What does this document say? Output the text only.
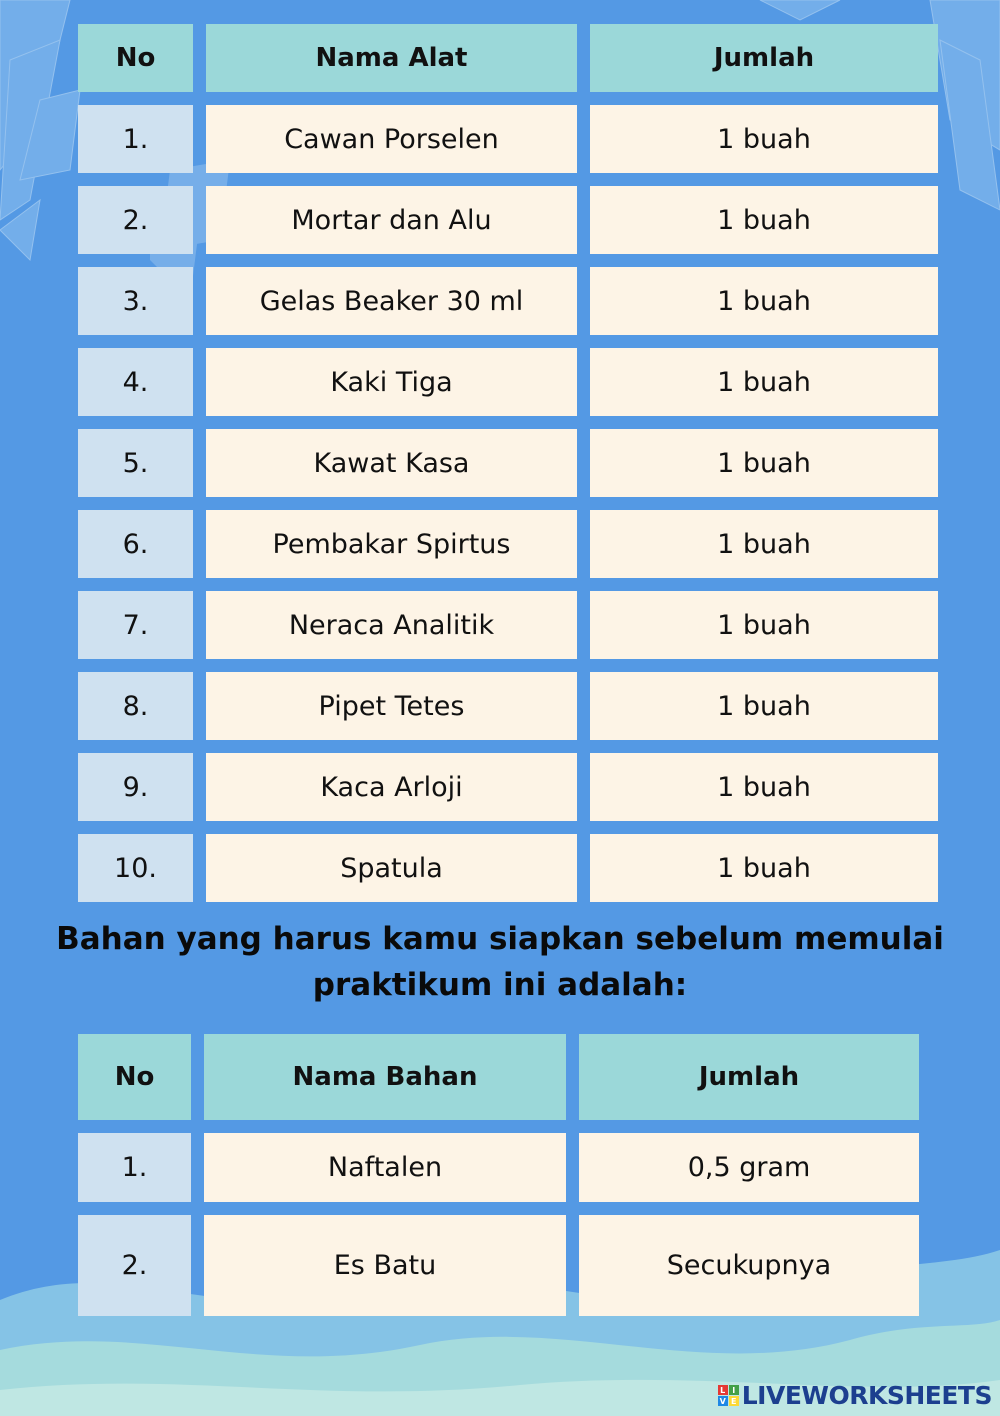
No	Nama Alat	Jumlah
1.	Cawan Porselen	1 buah
2.	Mortar dan Alu	1 buah
3.	Gelas Beaker 30 ml	1 buah
4.	Kaki Tiga	1 buah
5.	Kawat Kasa	1 buah
6.	Pembakar Spirtus	1 buah
7.	Neraca Analitik	1 buah
8.	Pipet Tetes	1 buah
9.	Kaca Arloji	1 buah
10.	Spatula	1 buah
Bahan yang harus kamu siapkan sebelum memulai
praktikum ini adalah:
No	Nama Bahan	Jumlah
1.	Naftalen	0,5 gram
2.	Es Batu	Secukupnya
L I
V E LIVEWORKSHEETS
